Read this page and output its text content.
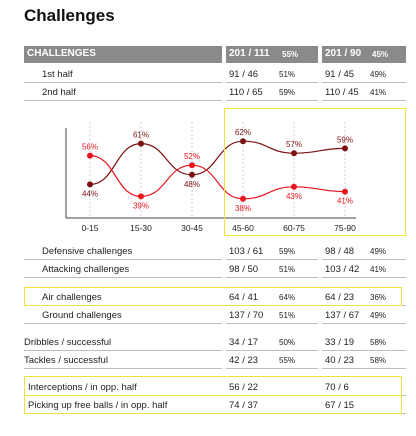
Challenges
CHALLENGES	201 / 111 55%	201 / 90 45%
1st half	91 / 46	51%	91 / 45 49%
2nd half	110 / 65 59%	110 / 45 41%
0-15	15-30	30-45	45-60	60-75	75-90
44%
61%
48%
62%
57%
59%
56%
39%
52%
38%
43%
41%
Defensive challenges	103 / 61 59%	98 / 48 49%
Attacking challenges	98 / 50	51%	103 / 42 41%
Air challenges	64 / 41	64%	64 / 23 36%
Ground challenges	137 / 70 51%	137 / 67 49%
Dribbles / successful	34 / 17	50%	33 / 19 58%
Tackles / successful	42 / 23	55%	40 / 23 58%
Interceptions / in opp. half	56 / 22	70 / 6
Picking up free balls / in opp. half	74 / 37	67 / 15
